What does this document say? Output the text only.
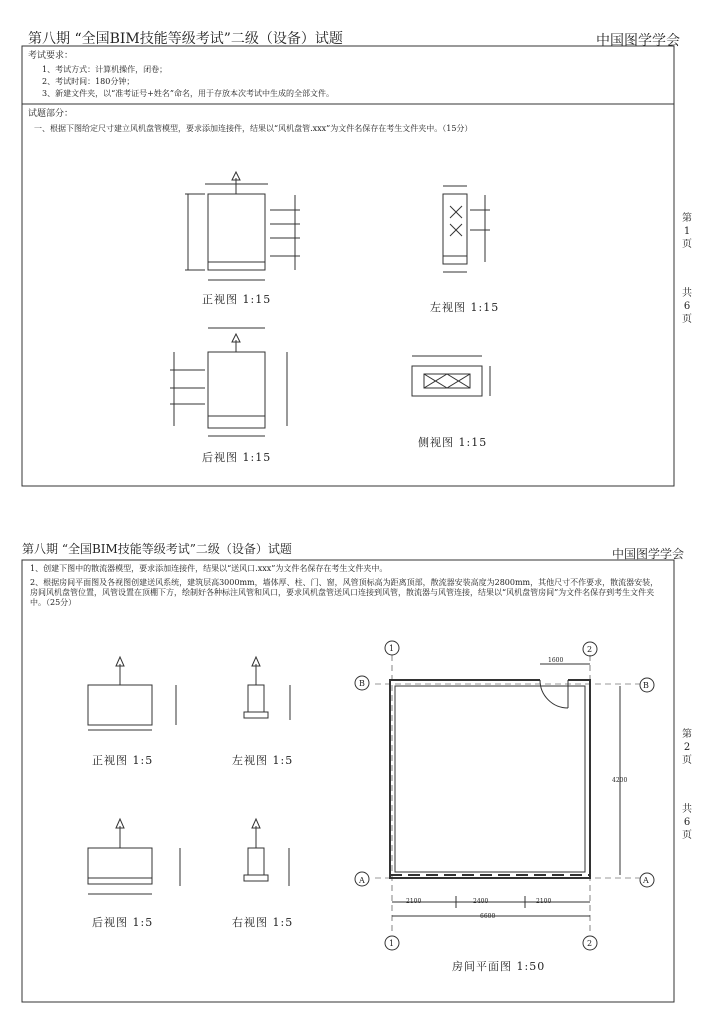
第八期 “全国BIM技能等级考试”二级（设备）试题	中国图学学会
考试要求：
1、考试方式：计算机操作，闭卷；
2、考试时间：180分钟；
3、新建文件夹，以“准考证号+姓名”命名，用于存放本次考试中生成的全部文件。
试题部分：
一、根据下图给定尺寸建立风机盘管模型，要求添加连接件，结果以“风机盘管.xxx”为文件名保存在考生文件夹中。（15分）
正视图 1:15
左视图 1:15
后视图 1:15
侧视图 1:15
第
1
页
共
6
页
第八期 “全国BIM技能等级考试”二级（设备）试题	中国图学学会
1、创建下图中的散流器模型，要求添加连接件，结果以“送风口.xxx”为文件名保存在考生文件夹中。
2、根据房间平面图及各视图创建送风系统，建筑层高3000mm，墙体厚、柱、门、窗，风管顶标高为距离顶部，散流器安装高度为2800mm，其他尺寸不作要求，散流器安装，房间风机盘管位置，风管设置在顶棚下方，绘制好各种标注风管和风口，要求风机盘管送风口连接到风管，散流器与风管连接，结果以“风机盘管房间”为文件名保存到考生文件夹中。（25分）
正视图 1:5	左视图 1:5
后视图 1:5	右视图 1:5
房间平面图 1:50
第
2
页
共
6
页
1600
4200
2100	2400	2100
6600
1	2
A
B
A
B
1	2
